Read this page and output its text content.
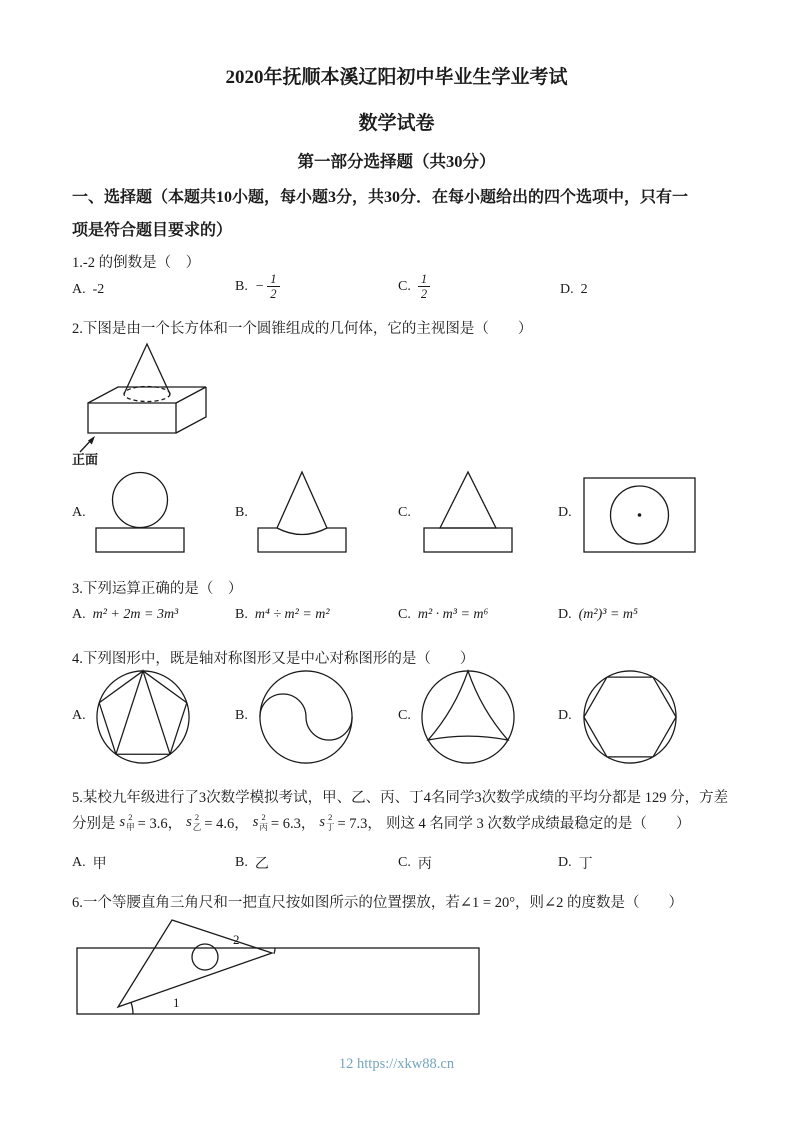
2020年抚顺本溪辽阳初中毕业生学业考试
数学试卷
第一部分选择题（共30分）
一、选择题（本题共10小题，每小题3分，共30分．在每小题给出的四个选项中，只有一
项是符合题目要求的）
1.-2 的倒数是（　）
A. -2	B. − $\frac{1}{2}$	C. $\frac{1}{2}$	D. 2
2.下图是由一个长方体和一个圆锥组成的几何体，它的主视图是（　　）
正面
A.	B.	C.	D.
3.下列运算正确的是（　）
A. m² + 2m = 3m³	B. m⁴ ÷ m² = m²	C. m² · m³ = m⁶	D. (m²)³ = m⁵
4.下列图形中，既是轴对称图形又是中心对称图形的是（　　）
A.	B.	C.	D.
5.某校九年级进行了3次数学模拟考试，甲、乙、丙、丁4名同学3次数学成绩的平均分都是 129 分，方差
分别是 s 2
甲 = 3.6， s 2
乙 = 4.6， s 2
丙 = 6.3， s 2
丁 = 7.3， 则这 4 名同学 3 次数学成绩最稳定的是（　　）
A. 甲	B. 乙	C. 丙	D. 丁
6.一个等腰直角三角尺和一把直尺按如图所示的位置摆放，若∠1 = 20°，则∠2 的度数是（　　）
1
2
12 https://xkw88.cn
